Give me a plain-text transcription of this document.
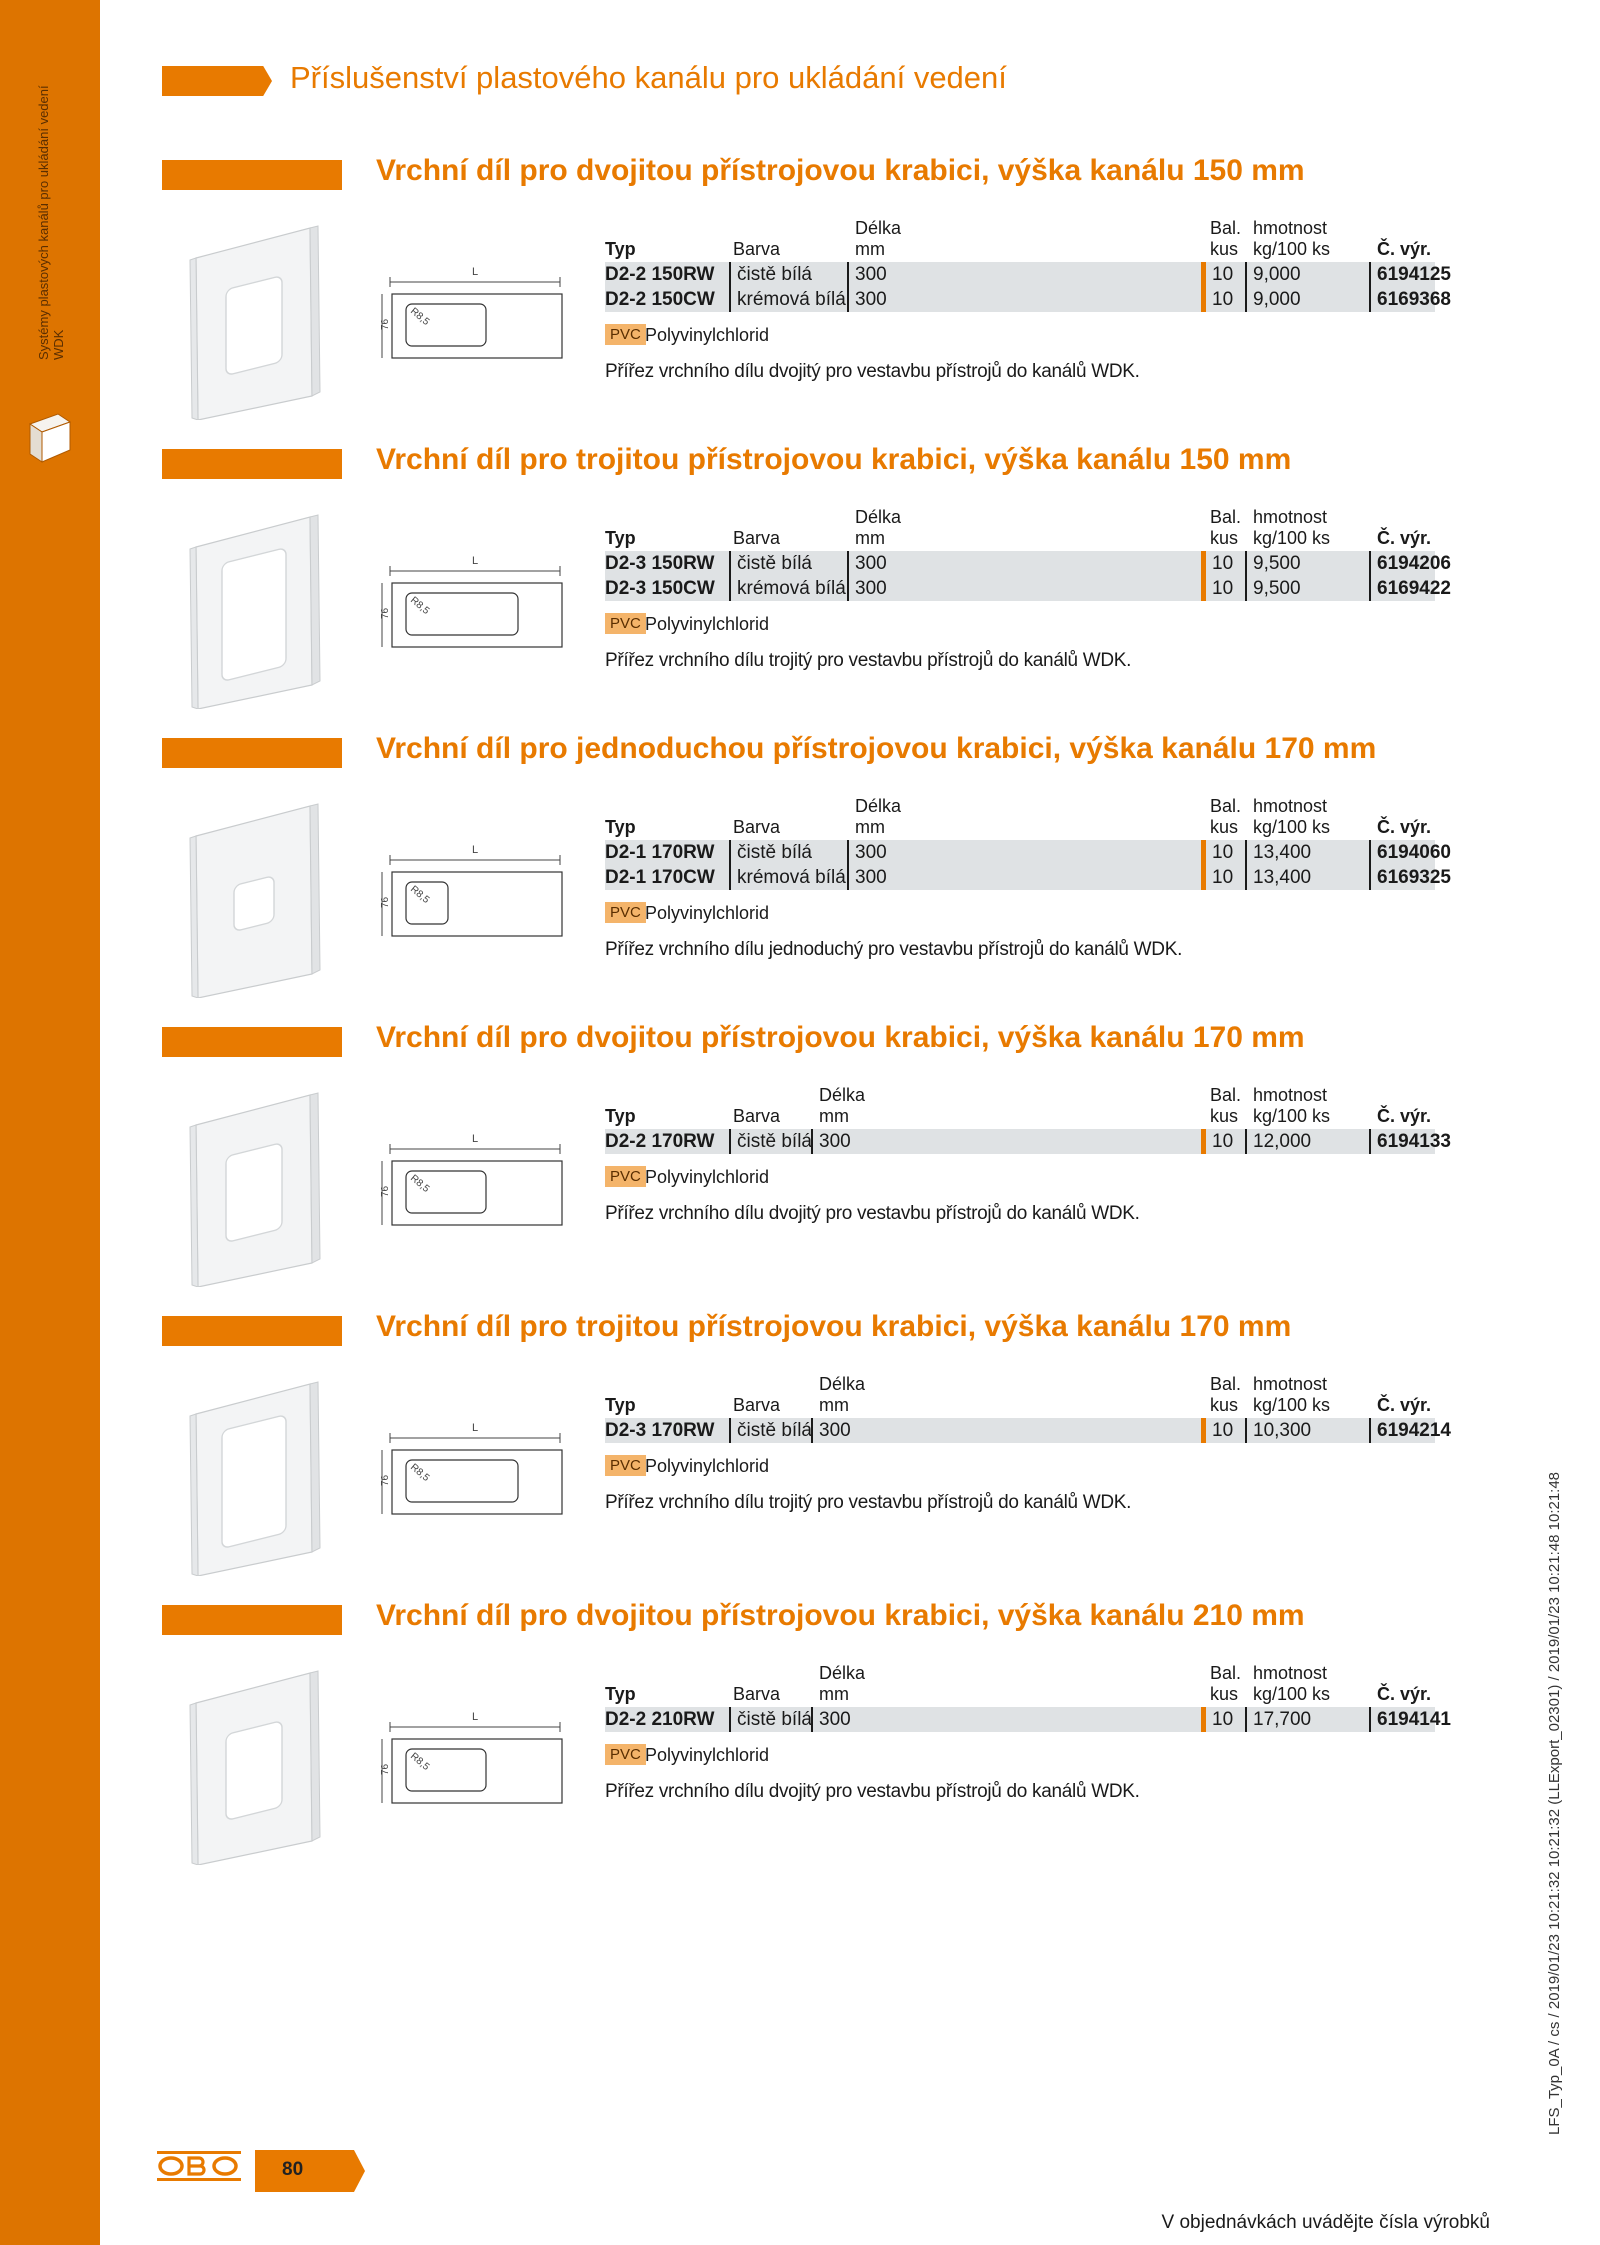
Systémy plastových kanálů pro ukládání vedení WDK
Příslušenství plastového kanálu pro ukládání vedení
Vrchní díl pro dvojitou přístrojovou krabici, výška kanálu 150 mm
L
76 R8,5
Délka	Bal. hmotnost
Typ	Barva	mm	kus kg/100 ks	Č. výr.
D2-2 150RW	čistě bílá	300	10	9,000	6194125
D2-2 150CW	krémová bílá 300	10	9,000	6169368
PVC Polyvinylchlorid
Přířez vrchního dílu dvojitý pro vestavbu přístrojů do kanálů WDK.
Vrchní díl pro trojitou přístrojovou krabici, výška kanálu 150 mm
L
76 R8,5
Délka	Bal. hmotnost
Typ	Barva	mm	kus kg/100 ks	Č. výr.
D2-3 150RW	čistě bílá	300	10	9,500	6194206
D2-3 150CW	krémová bílá 300	10	9,500	6169422
PVC Polyvinylchlorid
Přířez vrchního dílu trojitý pro vestavbu přístrojů do kanálů WDK.
Vrchní díl pro jednoduchou přístrojovou krabici, výška kanálu 170 mm
L
76 R8,5
Délka	Bal. hmotnost
Typ	Barva	mm	kus kg/100 ks	Č. výr.
D2-1 170RW	čistě bílá	300	10	13,400	6194060
D2-1 170CW	krémová bílá 300	10	13,400	6169325
PVC Polyvinylchlorid
Přířez vrchního dílu jednoduchý pro vestavbu přístrojů do kanálů WDK.
Vrchní díl pro dvojitou přístrojovou krabici, výška kanálu 170 mm
L
76 R8,5
Délka	Bal. hmotnost
Typ	Barva mm	kus kg/100 ks	Č. výr.
D2-2 170RW	čistě bílá 300	10	12,000	6194133
PVC Polyvinylchlorid
Přířez vrchního dílu dvojitý pro vestavbu přístrojů do kanálů WDK.
Vrchní díl pro trojitou přístrojovou krabici, výška kanálu 170 mm
L
76 R8,5
Délka	Bal. hmotnost
Typ	Barva mm	kus kg/100 ks	Č. výr.
D2-3 170RW	čistě bílá 300	10	10,300	6194214
PVC Polyvinylchlorid
Přířez vrchního dílu trojitý pro vestavbu přístrojů do kanálů WDK.
Vrchní díl pro dvojitou přístrojovou krabici, výška kanálu 210 mm
L
76 R8,5
Délka	Bal. hmotnost
Typ	Barva mm	kus kg/100 ks	Č. výr.
D2-2 210RW	čistě bílá 300	10	17,700	6194141
PVC Polyvinylchlorid
Přířez vrchního dílu dvojitý pro vestavbu přístrojů do kanálů WDK.
80
V objednávkách uvádějte čísla výrobků
LFS_Typ_0A / cs / 2019/01/23 10:21:32 10:21:32 (LLExport_02301) / 2019/01/23 10:21:48 10:21:48
